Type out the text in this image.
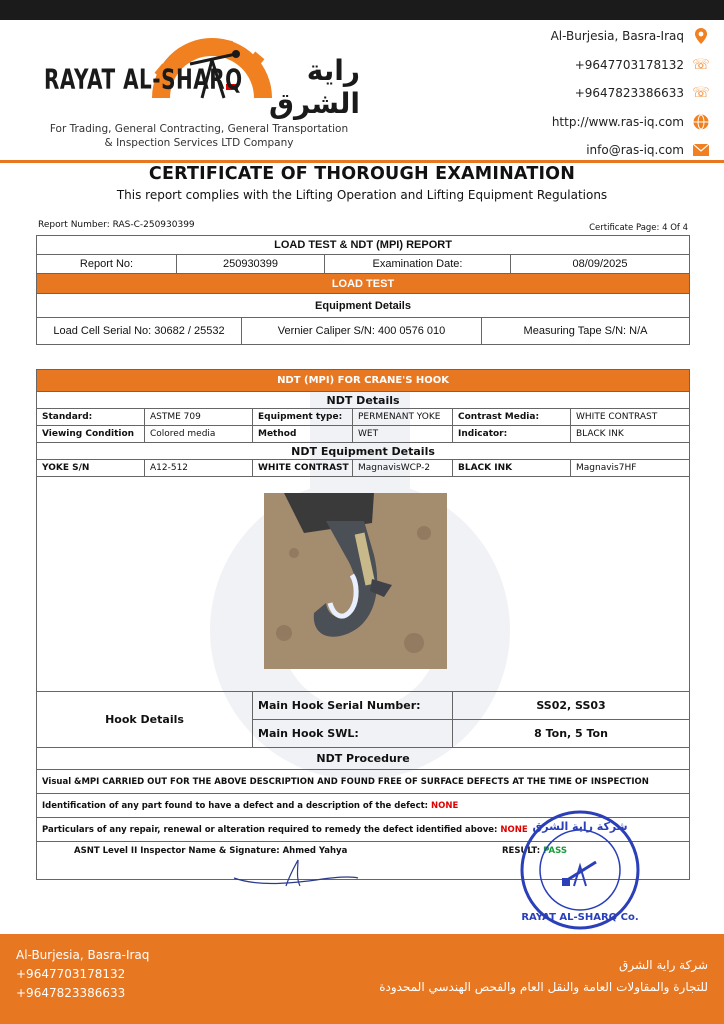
RAYAT AL-SHARQ	راية الشرق
For Trading, General Contracting, General Transportation
& Inspection Services LTD Company
Al-Burjesia, Basra-Iraq
+9647703178132 ☏
+9647823386633 ☏
http://www.ras-iq.com
info@ras-iq.com
CERTIFICATE OF THOROUGH EXAMINATION
This report complies with the Lifting Operation and Lifting Equipment Regulations
Report Number: RAS-C-250930399	Certificate Page: 4 Of 4
LOAD TEST & NDT (MPI) REPORT
Report No:	250930399	Examination Date:	08/09/2025
LOAD TEST
Equipment Details

Load Cell Serial No: 30682 / 25532	Vernier Caliper S/N: 400 0576 010	Measuring Tape S/N: N/A
NDT (MPI) FOR CRANE'S HOOK					
NDT Details					
Standard:	ASTME 709	Equipment type:	PERMENANT YOKE	Contrast Media:	WHITE CONTRAST
Viewing Condition	Colored media	Method	WET	Indicator:	BLACK INK
NDT Equipment Details					
YOKE S/N	A12-512	WHITE CONTRAST	MagnavisWCP-2	BLACK INK	Magnavis7HF

Hook Details		Main Hook Serial Number:		SS02, SS03	
		Main Hook SWL:		8 Ton, 5 Ton	
NDT Procedure					
Visual &MPI CARRIED OUT FOR THE ABOVE DESCRIPTION AND FOUND FREE OF SURFACE DEFECTS AT THE TIME OF INSPECTION					
Identification of any part found to have a defect and a description of the defect: NONE					
Particulars of any repair, renewal or alteration required to remedy the defect identified above: NONE					

ASNT Level II Inspector Name & Signature: Ahmed Yahya RESULT: PASS					
شركة راية الشرق
RAYAT AL-SHARQ Co.
Al-Burjesia, Basra-Iraq
+9647703178132
+9647823386633
شركة راية الشرق
للتجارة والمقاولات العامة والنقل العام والفحص الهندسي المحدودة
